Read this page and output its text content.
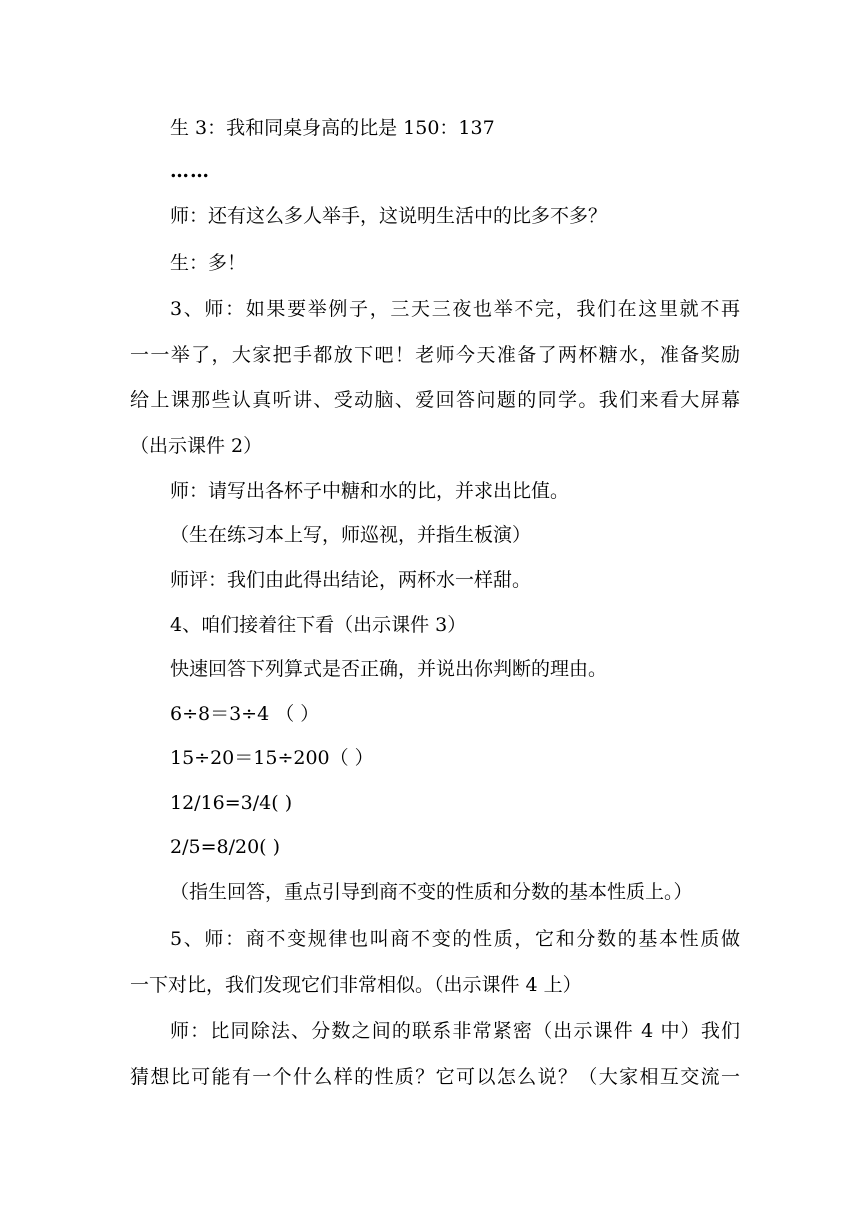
生 3：我和同桌身高的比是 150：137
……
师：还有这么多人举手，这说明生活中的比多不多？
生：多！
3、师：如果要举例子，三天三夜也举不完，我们在这里就不再
一一举了，大家把手都放下吧！老师今天准备了两杯糖水，准备奖励
给上课那些认真听讲、受动脑、爱回答问题的同学。我们来看大屏幕
（出示课件 2）
师：请写出各杯子中糖和水的比，并求出比值。
（生在练习本上写，师巡视，并指生板演）
师评：我们由此得出结论，两杯水一样甜。
4、咱们接着往下看（出示课件 3）
快速回答下列算式是否正确，并说出你判断的理由。
6÷8＝3÷4 （ ）
15÷20＝15÷200（ ）
12/16=3/4( )
2/5=8/20( )
（指生回答，重点引导到商不变的性质和分数的基本性质上。）
5、师：商不变规律也叫商不变的性质，它和分数的基本性质做
一下对比，我们发现它们非常相似。（出示课件 4 上）
师：比同除法、分数之间的联系非常紧密（出示课件 4 中）我们
猜想比可能有一个什么样的性质？它可以怎么说？（大家相互交流一
